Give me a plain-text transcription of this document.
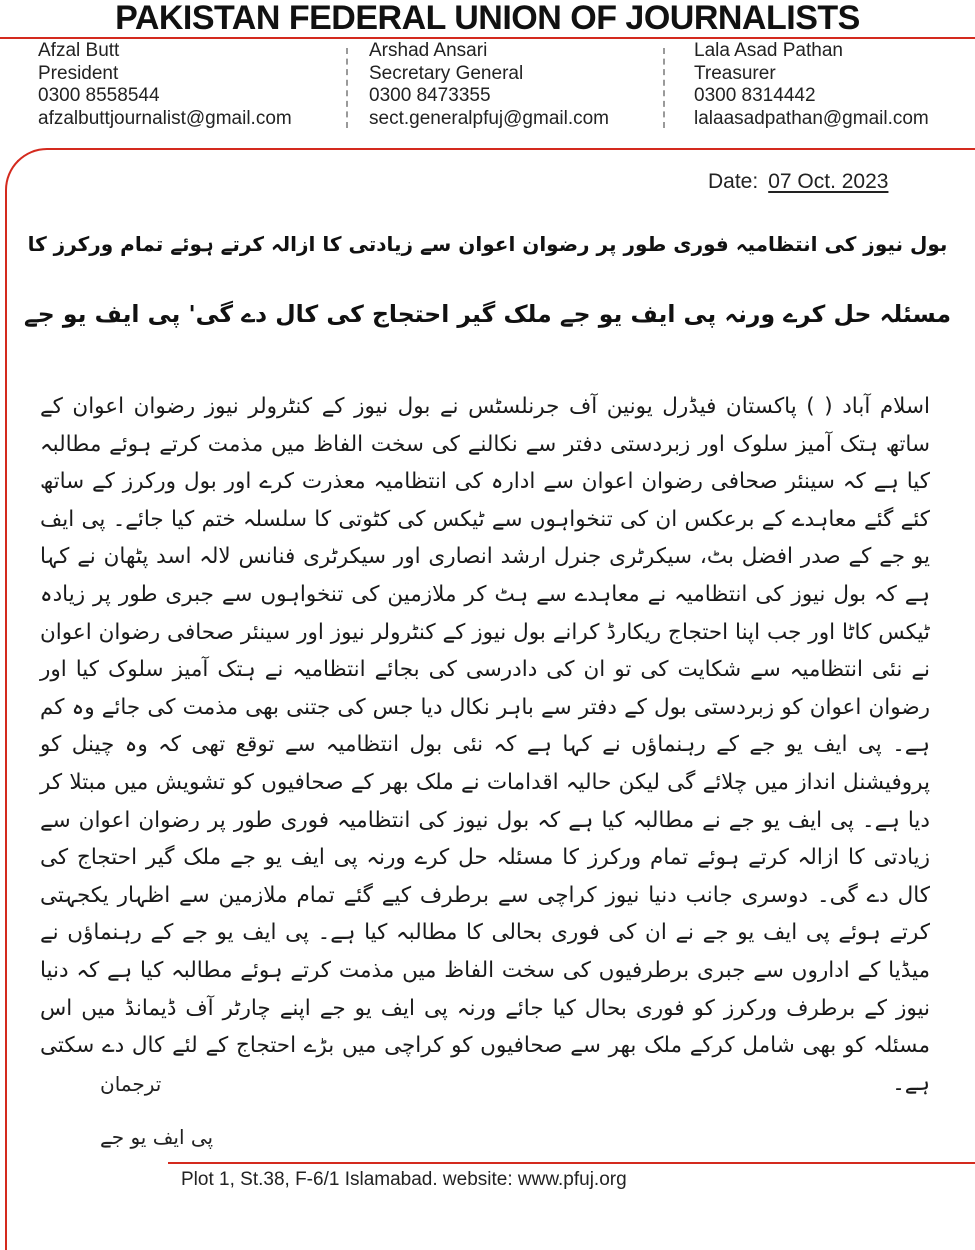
PAKISTAN FEDERAL UNION OF JOURNALISTS
Afzal Butt
President
0300 8558544
afzalbuttjournalist@gmail.com
Arshad Ansari
Secretary General
0300 8473355
sect.generalpfuj@gmail.com
Lala Asad Pathan
Treasurer
0300 8314442
lalaasadpathan@gmail.com
Date: 07 Oct. 2023
بول نیوز کی انتظامیہ فوری طور پر رضوان اعوان سے زیادتی کا ازالہ کرتے ہوئے تمام ورکرز کا
مسئلہ حل کرے ورنہ پی ایف یو جے ملک گیر احتجاج کی کال دے گی' پی ایف یو جے
اسلام آباد ( ) پاکستان فیڈرل یونین آف جرنلسٹس نے بول نیوز کے کنٹرولر نیوز رضوان اعوان کے ساتھ ہتک آمیز سلوک اور زبردستی دفتر سے نکالنے کی سخت الفاظ میں مذمت کرتے ہوئے مطالبہ کیا ہے کہ سینئر صحافی رضوان اعوان سے ادارہ کی انتظامیہ معذرت کرے اور بول ورکرز کے ساتھ کئے گئے معاہدے کے برعکس ان کی تنخواہوں سے ٹیکس کی کٹوتی کا سلسلہ ختم کیا جائے۔ پی ایف یو جے کے صدر افضل بٹ، سیکرٹری جنرل ارشد انصاری اور سیکرٹری فنانس لالہ اسد پٹھان نے کہا ہے کہ بول نیوز کی انتظامیہ نے معاہدے سے ہٹ کر ملازمین کی تنخواہوں سے جبری طور پر زیادہ ٹیکس کاٹا اور جب اپنا احتجاج ریکارڈ کرانے بول نیوز کے کنٹرولر نیوز اور سینئر صحافی رضوان اعوان نے نئی انتظامیہ سے شکایت کی تو ان کی دادرسی کی بجائے انتظامیہ نے ہتک آمیز سلوک کیا اور رضوان اعوان کو زبردستی بول کے دفتر سے باہر نکال دیا جس کی جتنی بھی مذمت کی جائے وہ کم ہے۔ پی ایف یو جے کے رہنماؤں نے کہا ہے کہ نئی بول انتظامیہ سے توقع تھی کہ وہ چینل کو پروفیشنل انداز میں چلائے گی لیکن حالیہ اقدامات نے ملک بھر کے صحافیوں کو تشویش میں مبتلا کر دیا ہے۔ پی ایف یو جے نے مطالبہ کیا ہے کہ بول نیوز کی انتظامیہ فوری طور پر رضوان اعوان سے زیادتی کا ازالہ کرتے ہوئے تمام ورکرز کا مسئلہ حل کرے ورنہ پی ایف یو جے ملک گیر احتجاج کی کال دے گی۔ دوسری جانب دنیا نیوز کراچی سے برطرف کیے گئے تمام ملازمین سے اظہار یکجہتی کرتے ہوئے پی ایف یو جے نے ان کی فوری بحالی کا مطالبہ کیا ہے۔ پی ایف یو جے کے رہنماؤں نے میڈیا کے اداروں سے جبری برطرفیوں کی سخت الفاظ میں مذمت کرتے ہوئے مطالبہ کیا ہے کہ دنیا نیوز کے برطرف ورکرز کو فوری بحال کیا جائے ورنہ پی ایف یو جے اپنے چارٹر آف ڈیمانڈ میں اس مسئلہ کو بھی شامل کرکے ملک بھر سے صحافیوں کو کراچی میں بڑے احتجاج کے لئے کال دے سکتی ہے۔
ترجمان
پی ایف یو جے
Plot 1, St.38, F-6/1 Islamabad. website: www.pfuj.org
